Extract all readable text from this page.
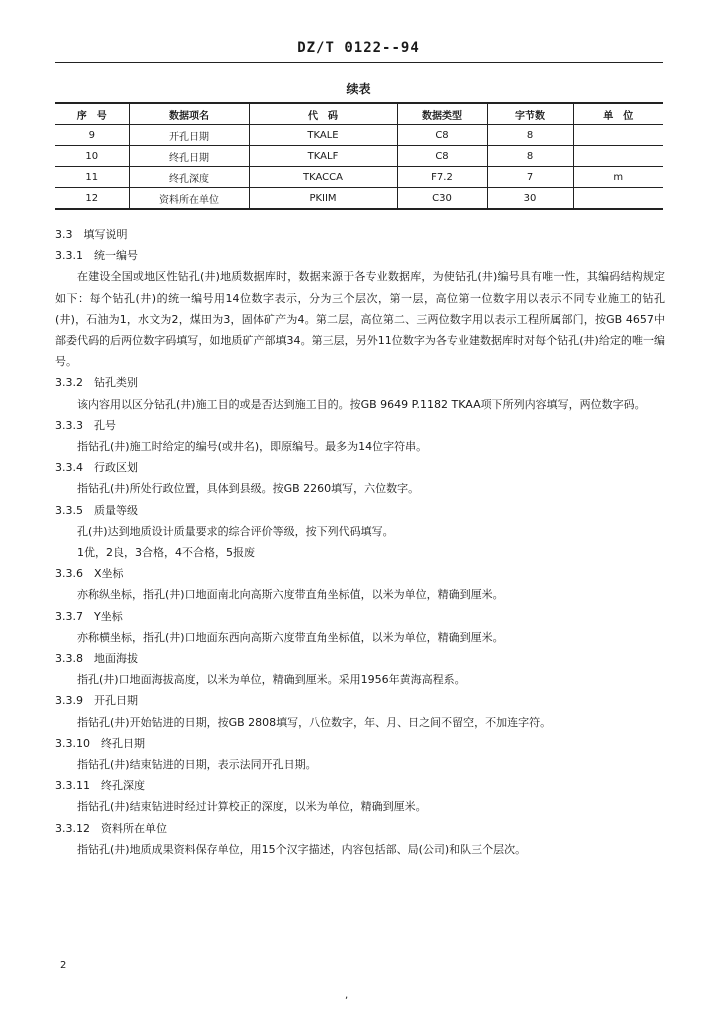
DZ/T 0122--94
续表
序　号	数据项名	代　码	数据类型	字节数	单　位
9	开孔日期	TKALE	C8	8	
10	终孔日期	TKALF	C8	8	
11	终孔深度	TKACCA	F7.2	7	m
12	资料所在单位	PKIIM	C30	30	

3.3　填写说明

3.3.1　统一编号

在建设全国或地区性钻孔(井)地质数据库时，数据来源于各专业数据库，为使钻孔(井)编号具有唯一性，其编码结构规定如下：每个钻孔(井)的统一编号用14位数字表示，分为三个层次，第一层，高位第一位数字用以表示不同专业施工的钻孔(井)，石油为1，水文为2，煤田为3，固体矿产为4。第二层，高位第二、三两位数字用以表示工程所属部门，按GB 4657中部委代码的后两位数字码填写，如地质矿产部填34。第三层，另外11位数字为各专业建数据库时对每个钻孔(井)给定的唯一编号。

3.3.2　钻孔类别

该内容用以区分钻孔(井)施工目的或是否达到施工目的。按GB 9649 P.1182 TKAA项下所列内容填写，两位数字码。

3.3.3　孔号

指钻孔(井)施工时给定的编号(或井名)，即原编号。最多为14位字符串。

3.3.4　行政区划

指钻孔(井)所处行政位置，具体到县级。按GB 2260填写，六位数字。

3.3.5　质量等级

孔(井)达到地质设计质量要求的综合评价等级，按下列代码填写。

1优，2良，3合格，4不合格，5报废

3.3.6　X坐标

亦称纵坐标，指孔(井)口地面南北向高斯六度带直角坐标值，以米为单位，精确到厘米。

3.3.7　Y坐标

亦称横坐标，指孔(井)口地面东西向高斯六度带直角坐标值，以米为单位，精确到厘米。

3.3.8　地面海拔

指孔(井)口地面海拔高度，以米为单位，精确到厘米。采用1956年黄海高程系。

3.3.9　开孔日期

指钻孔(井)开始钻进的日期，按GB 2808填写，八位数字，年、月、日之间不留空，不加连字符。

3.3.10　终孔日期

指钻孔(井)结束钻进的日期，表示法同开孔日期。

3.3.11　终孔深度

指钻孔(井)结束钻进时经过计算校正的深度，以米为单位，精确到厘米。

3.3.12　资料所在单位

指钻孔(井)地质成果资料保存单位，用15个汉字描述，内容包括部、局(公司)和队三个层次。

2
,
